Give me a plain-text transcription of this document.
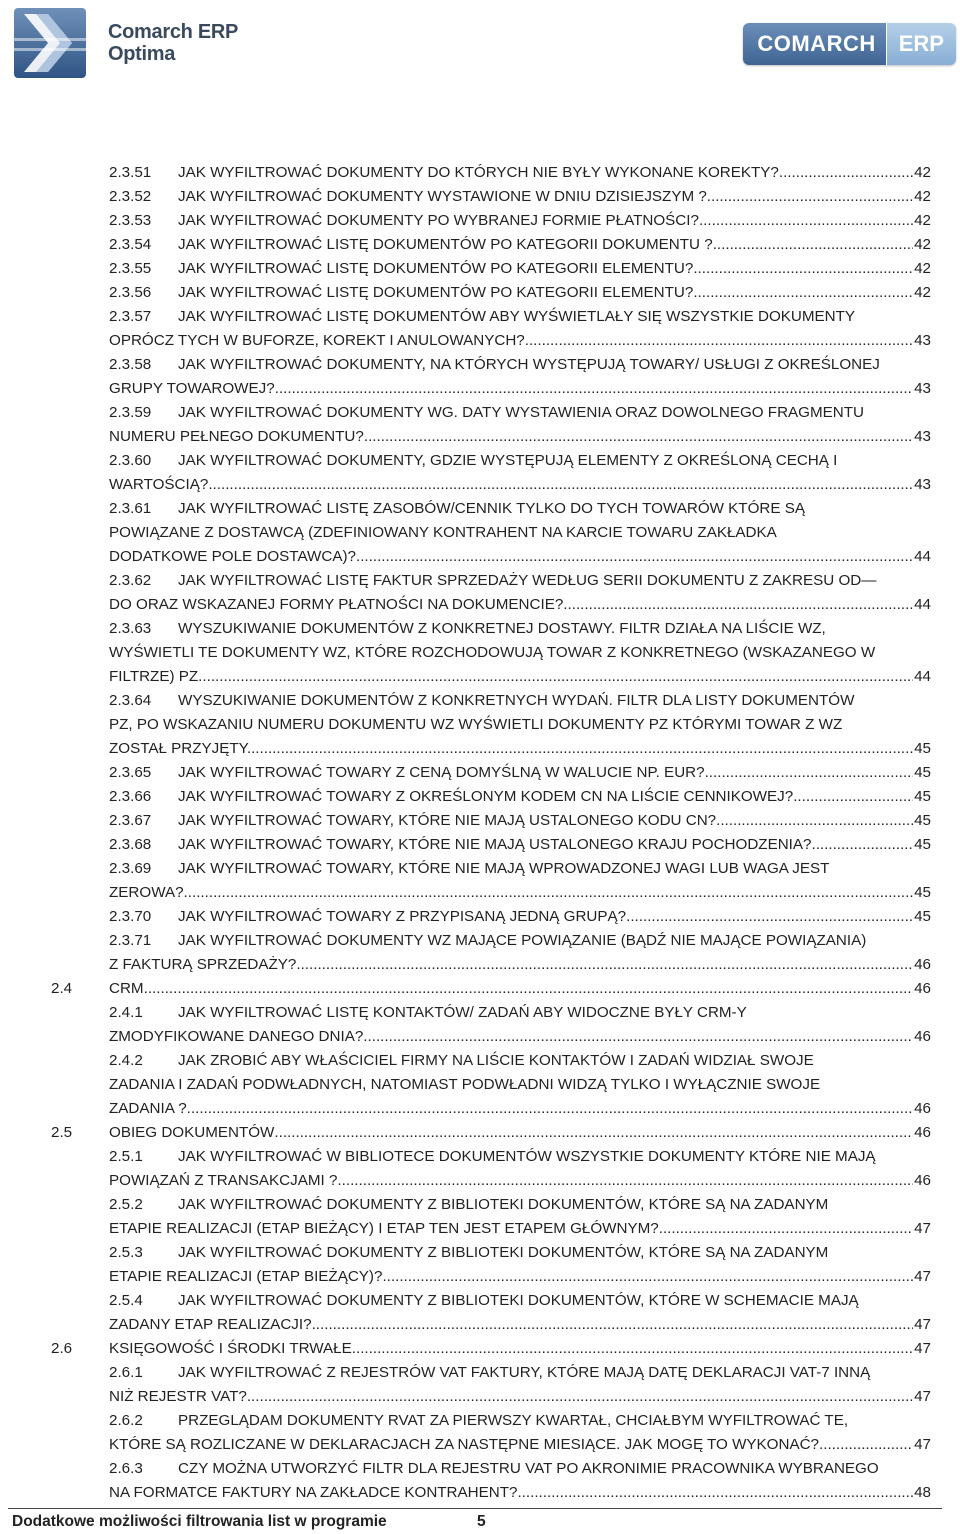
Comarch ERP
Optima	COMARCH	ERP
2.3.51 JAK WYFILTROWAĆ DOKUMENTY DO KTÓRYCH NIE BYŁY WYKONANE KOREKTY? .....	42
2.3.52 JAK WYFILTROWAĆ DOKUMENTY WYSTAWIONE W DNIU DZISIEJSZYM ? .....	42
2.3.53 JAK WYFILTROWAĆ DOKUMENTY PO WYBRANEJ FORMIE PŁATNOŚCI? .....	42
2.3.54 JAK WYFILTROWAĆ LISTĘ DOKUMENTÓW PO KATEGORII DOKUMENTU ? .....	42
2.3.55 JAK WYFILTROWAĆ LISTĘ DOKUMENTÓW PO KATEGORII ELEMENTU? .....	42
2.3.56 JAK WYFILTROWAĆ LISTĘ DOKUMENTÓW PO KATEGORII ELEMENTU? .....	42
2.3.57 JAK WYFILTROWAĆ LISTĘ DOKUMENTÓW ABY WYŚWIETLAŁY SIĘ WSZYSTKIE DOKUMENTY
OPRÓCZ TYCH W BUFORZE, KOREKT I ANULOWANYCH? .....	43
2.3.58 JAK WYFILTROWAĆ DOKUMENTY, NA KTÓRYCH WYSTĘPUJĄ TOWARY/ USŁUGI Z OKREŚLONEJ
GRUPY TOWAROWEJ? .....	43
2.3.59 JAK WYFILTROWAĆ DOKUMENTY WG. DATY WYSTAWIENIA ORAZ DOWOLNEGO FRAGMENTU
NUMERU PEŁNEGO DOKUMENTU? .....	43
2.3.60 JAK WYFILTROWAĆ DOKUMENTY, GDZIE WYSTĘPUJĄ ELEMENTY Z OKREŚLONĄ CECHĄ I
WARTOŚCIĄ? .....	43
2.3.61 JAK WYFILTROWAĆ LISTĘ ZASOBÓW/CENNIK TYLKO DO TYCH TOWARÓW KTÓRE SĄ
POWIĄZANE Z DOSTAWCĄ (ZDEFINIOWANY KONTRAHENT NA KARCIE TOWARU ZAKŁADKA
DODATKOWE POLE DOSTAWCA)? .....	44
2.3.62 JAK WYFILTROWAĆ LISTĘ FAKTUR SPRZEDAŻY WEDŁUG SERII DOKUMENTU Z ZAKRESU OD—
DO ORAZ WSKAZANEJ FORMY PŁATNOŚCI NA DOKUMENCIE? .....	44
2.3.63 WYSZUKIWANIE DOKUMENTÓW Z KONKRETNEJ DOSTAWY. FILTR DZIAŁA NA LIŚCIE WZ,
WYŚWIETLI TE DOKUMENTY WZ, KTÓRE ROZCHODOWUJĄ TOWAR Z KONKRETNEGO (WSKAZANEGO W
FILTRZE) PZ. .....	44
2.3.64 WYSZUKIWANIE DOKUMENTÓW Z KONKRETNYCH WYDAŃ. FILTR DLA LISTY DOKUMENTÓW
PZ, PO WSKAZANIU NUMERU DOKUMENTU WZ WYŚWIETLI DOKUMENTY PZ KTÓRYMI TOWAR Z WZ
ZOSTAŁ PRZYJĘTY. .....	45
2.3.65 JAK WYFILTROWAĆ TOWARY Z CENĄ DOMYŚLNĄ W WALUCIE NP. EUR? .....	45
2.3.66 JAK WYFILTROWAĆ TOWARY Z OKREŚLONYM KODEM CN NA LIŚCIE CENNIKOWEJ? .....	45
2.3.67 JAK WYFILTROWAĆ TOWARY, KTÓRE NIE MAJĄ USTALONEGO KODU CN? .....	45
2.3.68 JAK WYFILTROWAĆ TOWARY, KTÓRE NIE MAJĄ USTALONEGO KRAJU POCHODZENIA? .....	45
2.3.69 JAK WYFILTROWAĆ TOWARY, KTÓRE NIE MAJĄ WPROWADZONEJ WAGI LUB WAGA JEST
ZEROWA? .....	45
2.3.70 JAK WYFILTROWAĆ TOWARY Z PRZYPISANĄ JEDNĄ GRUPĄ? .....	45
2.3.71 JAK WYFILTROWAĆ DOKUMENTY WZ MAJĄCE POWIĄZANIE (BĄDŹ NIE MAJĄCE POWIĄZANIA)
Z FAKTURĄ SPRZEDAŻY? .....	46
2.4 CRM .....	46
2.4.1 JAK WYFILTROWAĆ LISTĘ KONTAKTÓW/ ZADAŃ ABY WIDOCZNE BYŁY CRM-Y
ZMODYFIKOWANE DANEGO DNIA? .....	46
2.4.2 JAK ZROBIĆ ABY WŁAŚCICIEL FIRMY NA LIŚCIE KONTAKTÓW I ZADAŃ WIDZIAŁ SWOJE
ZADANIA I ZADAŃ PODWŁADNYCH, NATOMIAST PODWŁADNI WIDZĄ TYLKO I WYŁĄCZNIE SWOJE
ZADANIA ? .....	46
2.5 OBIEG DOKUMENTÓW .....	46
2.5.1 JAK WYFILTROWAĆ W BIBLIOTECE DOKUMENTÓW WSZYSTKIE DOKUMENTY KTÓRE NIE MAJĄ
POWIĄZAŃ Z TRANSAKCJAMI ? .....	46
2.5.2 JAK WYFILTROWAĆ DOKUMENTY Z BIBLIOTEKI DOKUMENTÓW, KTÓRE SĄ NA ZADANYM
ETAPIE REALIZACJI (ETAP BIEŻĄCY) I ETAP TEN JEST ETAPEM GŁÓWNYM? .....	47
2.5.3 JAK WYFILTROWAĆ DOKUMENTY Z BIBLIOTEKI DOKUMENTÓW, KTÓRE SĄ NA ZADANYM
ETAPIE REALIZACJI (ETAP BIEŻĄCY)? .....	47
2.5.4 JAK WYFILTROWAĆ DOKUMENTY Z BIBLIOTEKI DOKUMENTÓW, KTÓRE W SCHEMACIE MAJĄ
ZADANY ETAP REALIZACJI? .....	47
2.6 KSIĘGOWOŚĆ I ŚRODKI TRWAŁE .....	47
2.6.1 JAK WYFILTROWAĆ Z REJESTRÓW VAT FAKTURY, KTÓRE MAJĄ DATĘ DEKLARACJI VAT-7 INNĄ
NIŻ REJESTR VAT? .....	47
2.6.2 PRZEGLĄDAM DOKUMENTY RVAT ZA PIERWSZY KWARTAŁ, CHCIAŁBYM WYFILTROWAĆ TE,
KTÓRE SĄ ROZLICZANE W DEKLARACJACH ZA NASTĘPNE MIESIĄCE. JAK MOGĘ TO WYKONAĆ? .....	47
2.6.3 CZY MOŻNA UTWORZYĆ FILTR DLA REJESTRU VAT PO AKRONIMIE PRACOWNIKA WYBRANEGO
NA FORMATCE FAKTURY NA ZAKŁADCE KONTRAHENT? .....	48
Dodatkowe możliwości filtrowania list w programie	5
